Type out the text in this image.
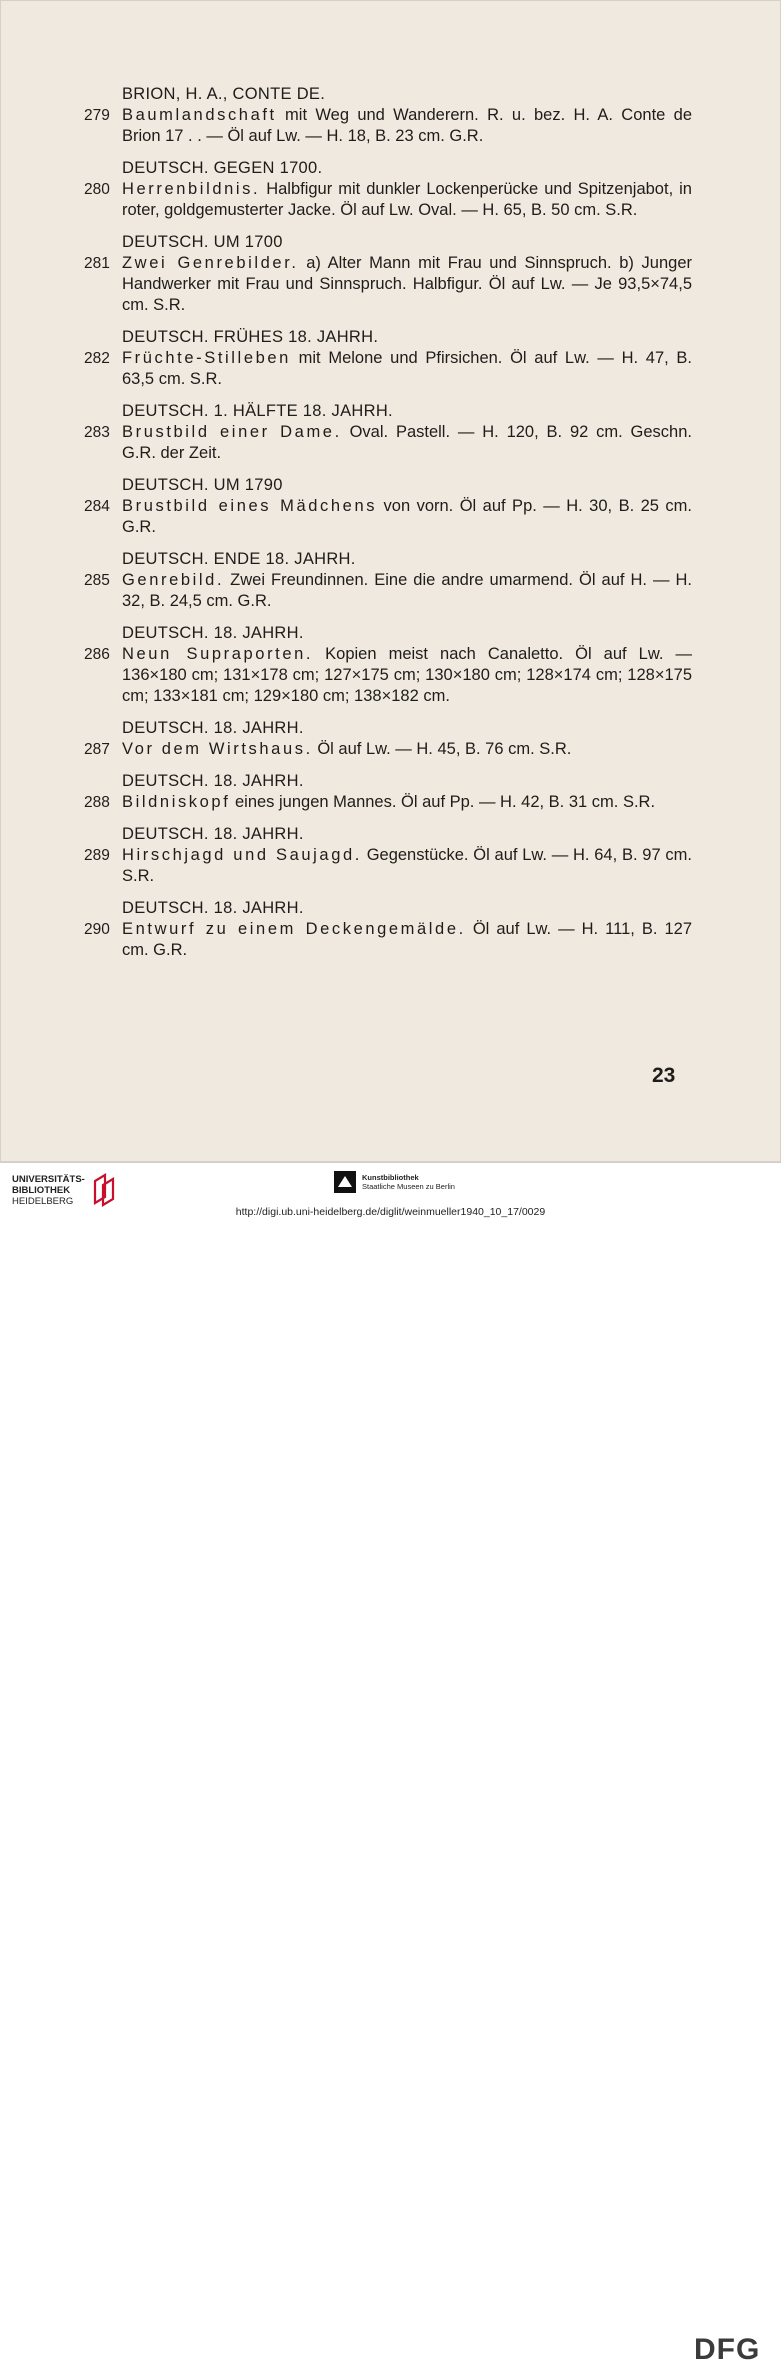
BRION, H. A., CONTE DE.
279 Baumlandschaft mit Weg und Wanderern. R. u. bez. H. A. Conte de Brion 17 . . — Öl auf Lw. — H. 18, B. 23 cm. G.R.
DEUTSCH. GEGEN 1700.
280 Herrenbildnis. Halbfigur mit dunkler Lockenperücke und Spitzenjabot, in roter, goldgemusterter Jacke. Öl auf Lw. Oval. — H. 65, B. 50 cm. S.R.
DEUTSCH. UM 1700
281 Zwei Genrebilder. a) Alter Mann mit Frau und Sinnspruch. b) Junger Handwerker mit Frau und Sinnspruch. Halbfigur. Öl auf Lw. — Je 93,5×74,5 cm. S.R.
DEUTSCH. FRÜHES 18. JAHRH.
282 Früchte-Stilleben mit Melone und Pfirsichen. Öl auf Lw. — H. 47, B. 63,5 cm. S.R.
DEUTSCH. 1. HÄLFTE 18. JAHRH.
283 Brustbild einer Dame. Oval. Pastell. — H. 120, B. 92 cm. Geschn. G.R. der Zeit.
DEUTSCH. UM 1790
284 Brustbild eines Mädchens von vorn. Öl auf Pp. — H. 30, B. 25 cm. G.R.
DEUTSCH. ENDE 18. JAHRH.
285 Genrebild. Zwei Freundinnen. Eine die andre umarmend. Öl auf H. — H. 32, B. 24,5 cm. G.R.
DEUTSCH. 18. JAHRH.
286 Neun Supraporten. Kopien meist nach Canaletto. Öl auf Lw. — 136×180 cm; 131×178 cm; 127×175 cm; 130×180 cm; 128×174 cm; 128×175 cm; 133×181 cm; 129×180 cm; 138×182 cm.
DEUTSCH. 18. JAHRH.
287 Vor dem Wirtshaus. Öl auf Lw. — H. 45, B. 76 cm. S.R.
DEUTSCH. 18. JAHRH.
288 Bildniskopf eines jungen Mannes. Öl auf Pp. — H. 42, B. 31 cm. S.R.
DEUTSCH. 18. JAHRH.
289 Hirschjagd und Saujagd. Gegenstücke. Öl auf Lw. — H. 64, B. 97 cm. S.R.
DEUTSCH. 18. JAHRH.
290 Entwurf zu einem Deckengemälde. Öl auf Lw. — H. 111, B. 127 cm. G.R.
23
UNIVERSITÄTS-
BIBLIOTHEK
HEIDELBERG
Kunstbibliothek
Staatliche Museen zu Berlin
DFG
http://digi.ub.uni-heidelberg.de/diglit/weinmueller1940_10_17/0029
